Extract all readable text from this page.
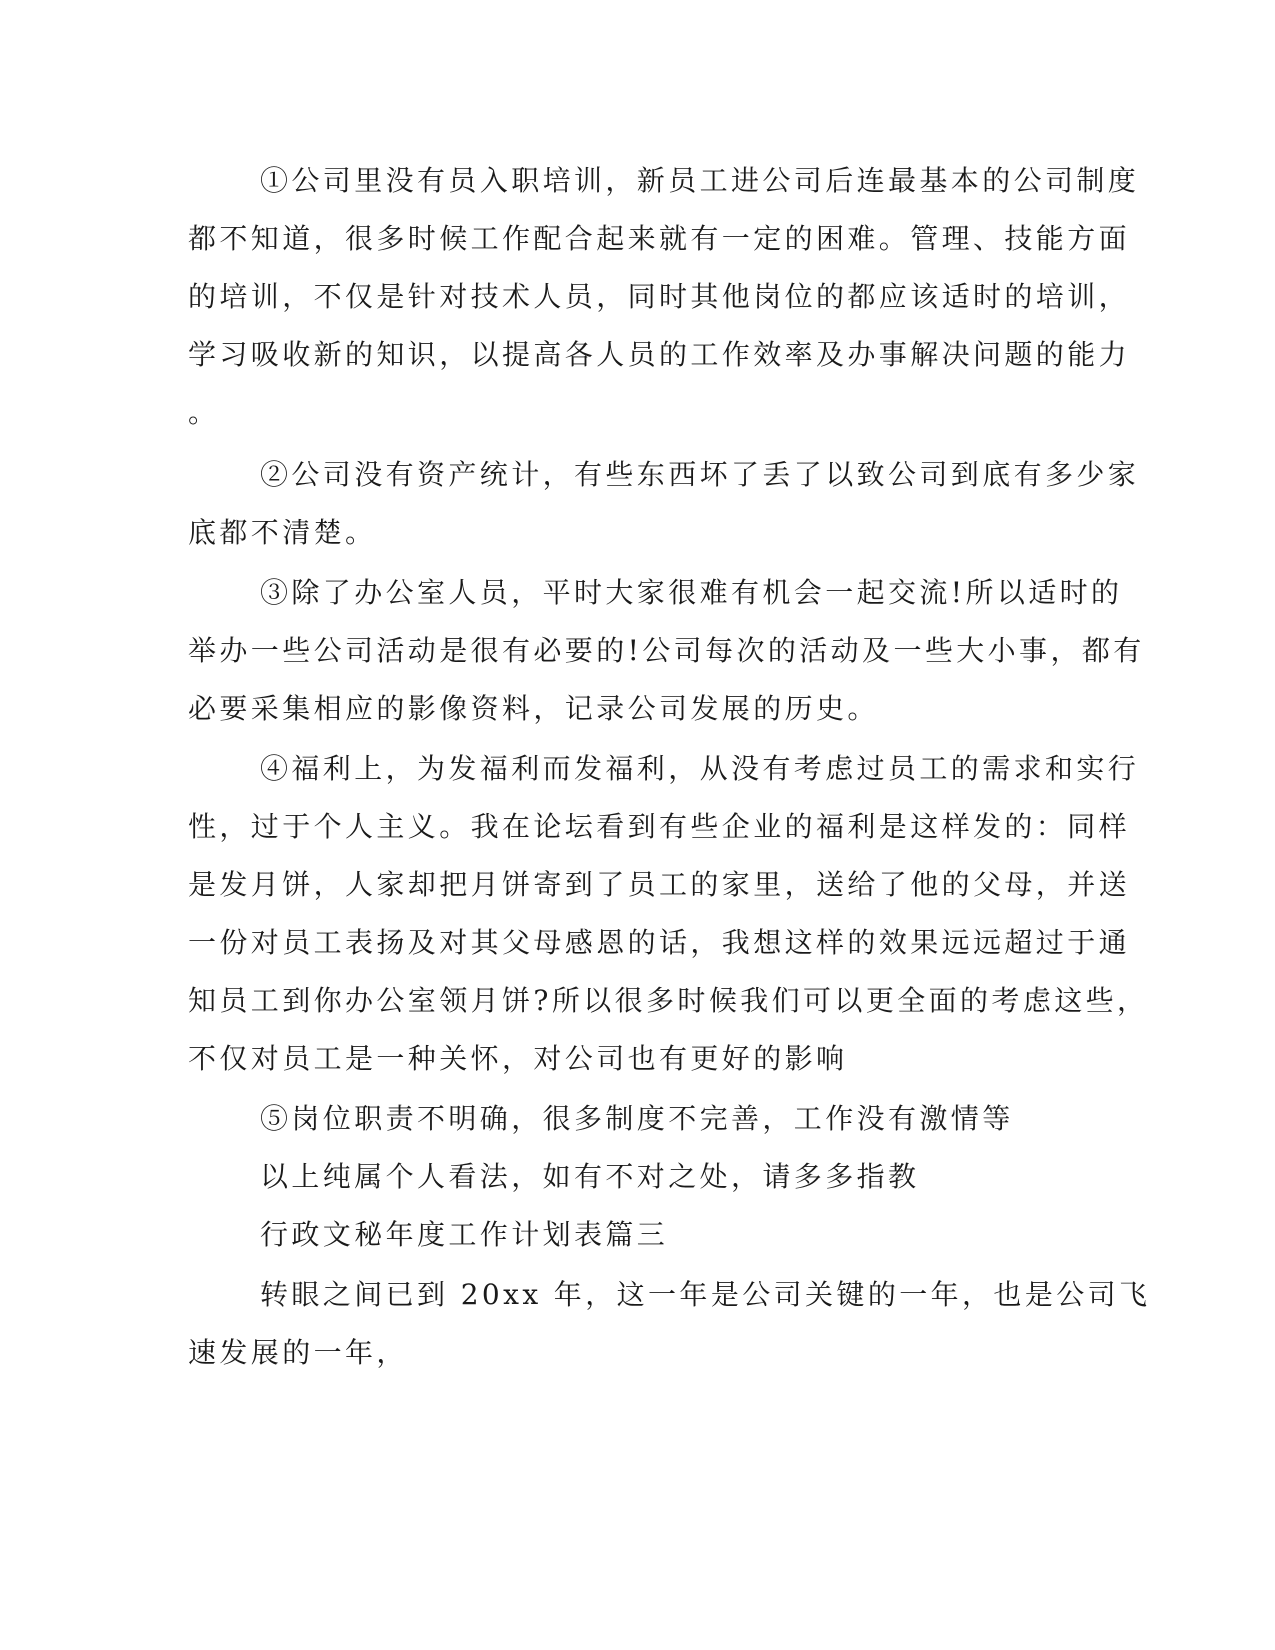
①公司里没有员入职培训，新员工进公司后连最基本的公司制度

都不知道，很多时候工作配合起来就有一定的困难。管理、技能方面

的培训，不仅是针对技术人员，同时其他岗位的都应该适时的培训，

学习吸收新的知识，以提高各人员的工作效率及办事解决问题的能力

。

②公司没有资产统计，有些东西坏了丢了以致公司到底有多少家

底都不清楚。

③除了办公室人员，平时大家很难有机会一起交流!所以适时的

举办一些公司活动是很有必要的!公司每次的活动及一些大小事，都有

必要采集相应的影像资料，记录公司发展的历史。

④福利上，为发福利而发福利，从没有考虑过员工的需求和实行

性，过于个人主义。我在论坛看到有些企业的福利是这样发的：同样

是发月饼，人家却把月饼寄到了员工的家里，送给了他的父母，并送

一份对员工表扬及对其父母感恩的话，我想这样的效果远远超过于通

知员工到你办公室领月饼?所以很多时候我们可以更全面的考虑这些，

不仅对员工是一种关怀，对公司也有更好的影响

⑤岗位职责不明确，很多制度不完善，工作没有激情等

以上纯属个人看法，如有不对之处，请多多指教

行政文秘年度工作计划表篇三

转眼之间已到 20xx 年，这一年是公司关键的一年，也是公司飞

速发展的一年，
